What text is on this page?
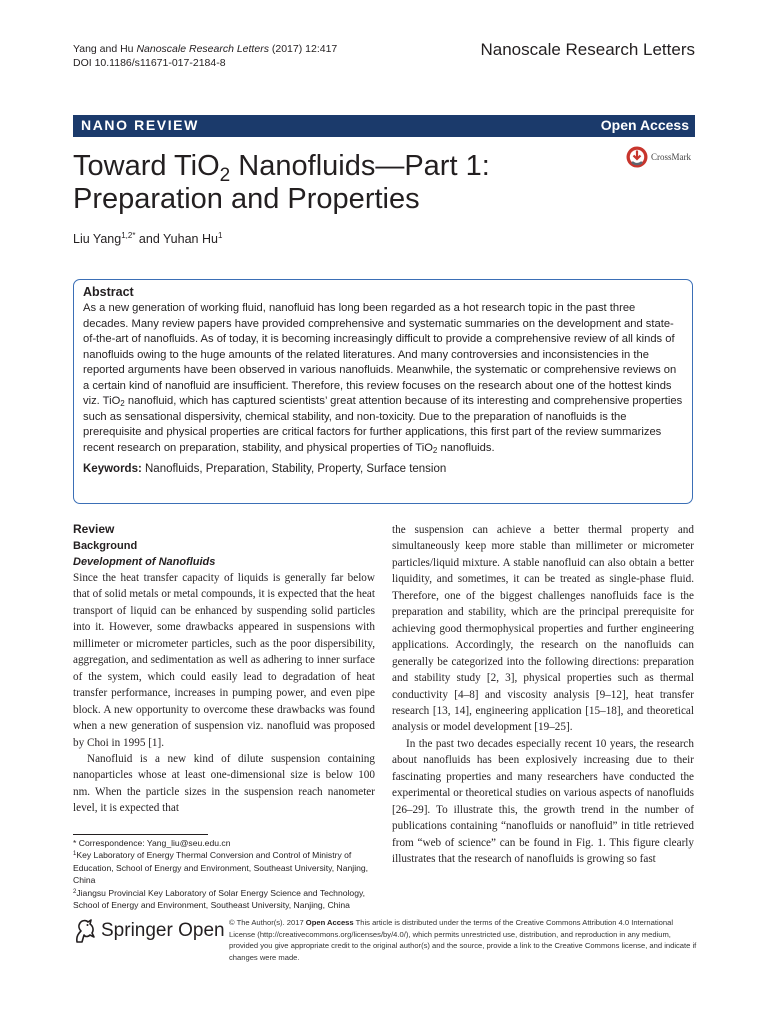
Yang and Hu Nanoscale Research Letters (2017) 12:417
DOI 10.1186/s11671-017-2184-8
Nanoscale Research Letters
NANO REVIEW	Open Access
Toward TiO$_2$ Nanofluids—Part 1:
Preparation and Properties
CrossMark
Liu Yang$^{1,2*}$ and Yuhan Hu$^1$
Abstract
As a new generation of working fluid, nanofluid has long been regarded as a hot research topic in the past three decades. Many review papers have provided comprehensive and systematic summaries on the development and state-of-the-art of nanofluids. As of today, it is becoming increasingly difficult to provide a comprehensive review of all kinds of nanofluids owing to the huge amounts of the related literatures. And many controversies and inconsistencies in the reported arguments have been observed in various nanofluids. Meanwhile, the systematic or comprehensive reviews on a certain kind of nanofluid are insufficient. Therefore, this review focuses on the research about one of the hottest kinds viz. TiO$_2$ nanofluid, which has captured scientists’ great attention because of its interesting and comprehensive properties such as sensational dispersivity, chemical stability, and non-toxicity. Due to the preparation of nanofluids is the prerequisite and physical properties are critical factors for further applications, this first part of the review summarizes recent research on preparation, stability, and physical properties of TiO$_2$ nanofluids.
Keywords: Nanofluids, Preparation, Stability, Property, Surface tension
Review
Background
Development of Nanofluids

Since the heat transfer capacity of liquids is generally far below that of solid metals or metal compounds, it is expected that the heat transport of liquid can be enhanced by suspending solid particles into it. However, some drawbacks appeared in suspensions with millimeter or micrometer particles, such as the poor dispersibility, aggregation, and sedimentation as well as adhering to inner surface of the system, which could easily lead to degradation of heat transfer performance, increases in pumping power, and even pipe block. A new opportunity to overcome these drawbacks was found when a new generation of suspension viz. nanofluid was proposed by Choi in 1995 [1].

Nanofluid is a new kind of dilute suspension containing nanoparticles whose at least one-dimensional size is below 100 nm. When the particle sizes in the suspension reach nanometer level, it is expected that

the suspension can achieve a better thermal property and simultaneously keep more stable than millimeter or micrometer particles/liquid mixture. A stable nanofluid can also obtain a better liquidity, and sometimes, it can be treated as single-phase fluid. Therefore, one of the biggest challenges nanofluids face is the preparation and stability, which are the principal prerequisite for achieving good thermophysical properties and further engineering applications. Accordingly, the research on the nanofluids can generally be categorized into the following directions: preparation and stability study [2, 3], physical properties such as thermal conductivity [4–8] and viscosity analysis [9–12], heat transfer research [13, 14], engineering application [15–18], and theoretical analysis or model development [19–25].

In the past two decades especially recent 10 years, the research about nanofluids has been explosively increasing due to their fascinating properties and many researchers have conducted the experimental or theoretical studies on various aspects of nanofluids [26–29]. To illustrate this, the growth trend in the number of publications containing “nanofluids or nanofluid” in title retrieved from “web of science” can be found in Fig. 1. This figure clearly illustrates that the research of nanofluids is growing so fast

* Correspondence: Yang_liu@seu.edu.cn
$^1$Key Laboratory of Energy Thermal Conversion and Control of Ministry of Education, School of Energy and Environment, Southeast University, Nanjing, China
$^2$Jiangsu Provincial Key Laboratory of Solar Energy Science and Technology, School of Energy and Environment, Southeast University, Nanjing, China
Springer Open © The Author(s). 2017 Open Access This article is distributed under the terms of the Creative Commons Attribution 4.0 International License (http://creativecommons.org/licenses/by/4.0/), which permits unrestricted use, distribution, and reproduction in any medium, provided you give appropriate credit to the original author(s) and the source, provide a link to the Creative Commons license, and indicate if changes were made.
